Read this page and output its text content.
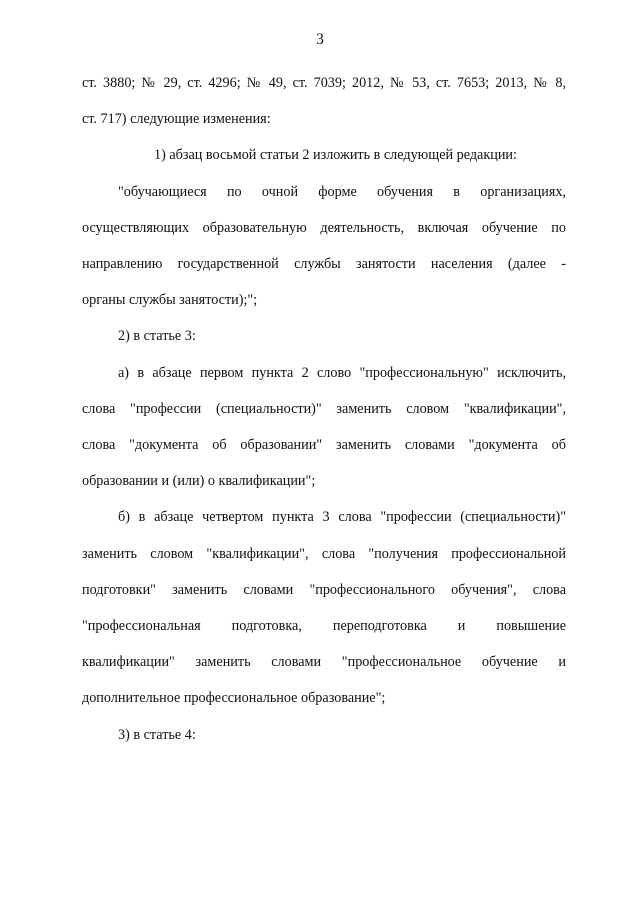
3
ст. 3880; № 29, ст. 4296; № 49, ст. 7039; 2012, № 53, ст. 7653; 2013, № 8,
ст. 717) следующие изменения:
1) абзац восьмой статьи 2 изложить в следующей редакции:
"обучающиеся по очной форме обучения в организациях,
осуществляющих образовательную деятельность, включая обучение по
направлению государственной службы занятости населения (далее -
органы службы занятости);";
2) в статье 3:
а) в абзаце первом пункта 2 слово "профессиональную" исключить,
слова "профессии (специальности)" заменить словом "квалификации",
слова "документа об образовании" заменить словами "документа об
образовании и (или) о квалификации";
б) в абзаце четвертом пункта 3 слова "профессии (специальности)"
заменить словом "квалификации", слова "получения профессиональной
подготовки" заменить словами "профессионального обучения", слова
"профессиональная подготовка, переподготовка и повышение
квалификации" заменить словами "профессиональное обучение и
дополнительное профессиональное образование";
3) в статье 4:
